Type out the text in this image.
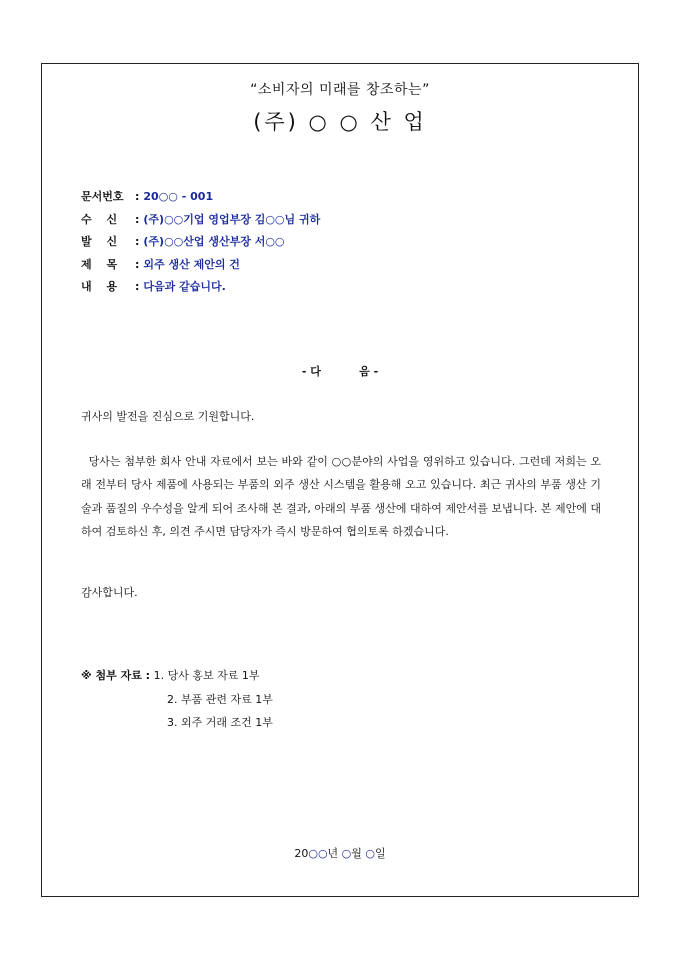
“소비자의 미래를 창조하는”
(주) ○ ○ 산 업
문서번호 : 20○○ - 001
수　 신 : (주)○○기업 영업부장 김○○님 귀하
발　 신 : (주)○○산업 생산부장 서○○
제　 목 : 외주 생산 제안의 건
내　 용 : 다음과 같습니다.
- 다          음 -
귀사의 발전을 진심으로 기원합니다.
당사는 첨부한 회사 안내 자료에서 보는 바와 같이 ○○분야의 사업을 영위하고 있습니다. 그런데 저희는 오래 전부터 당사 제품에 사용되는 부품의 외주 생산 시스템을 활용해 오고 있습니다. 최근 귀사의 부품 생산 기술과 품질의 우수성을 알게 되어 조사해 본 결과, 아래의 부품 생산에 대하여 제안서를 보냅니다. 본 제안에 대하여 검토하신 후, 의견 주시면 담당자가 즉시 방문하여 협의토록 하겠습니다.
감사합니다.
※ 첨부 자료 : 1. 당사 홍보 자료 1부
2. 부품 관련 자료 1부
3. 외주 거래 조건 1부
20○○년 ○월 ○일
